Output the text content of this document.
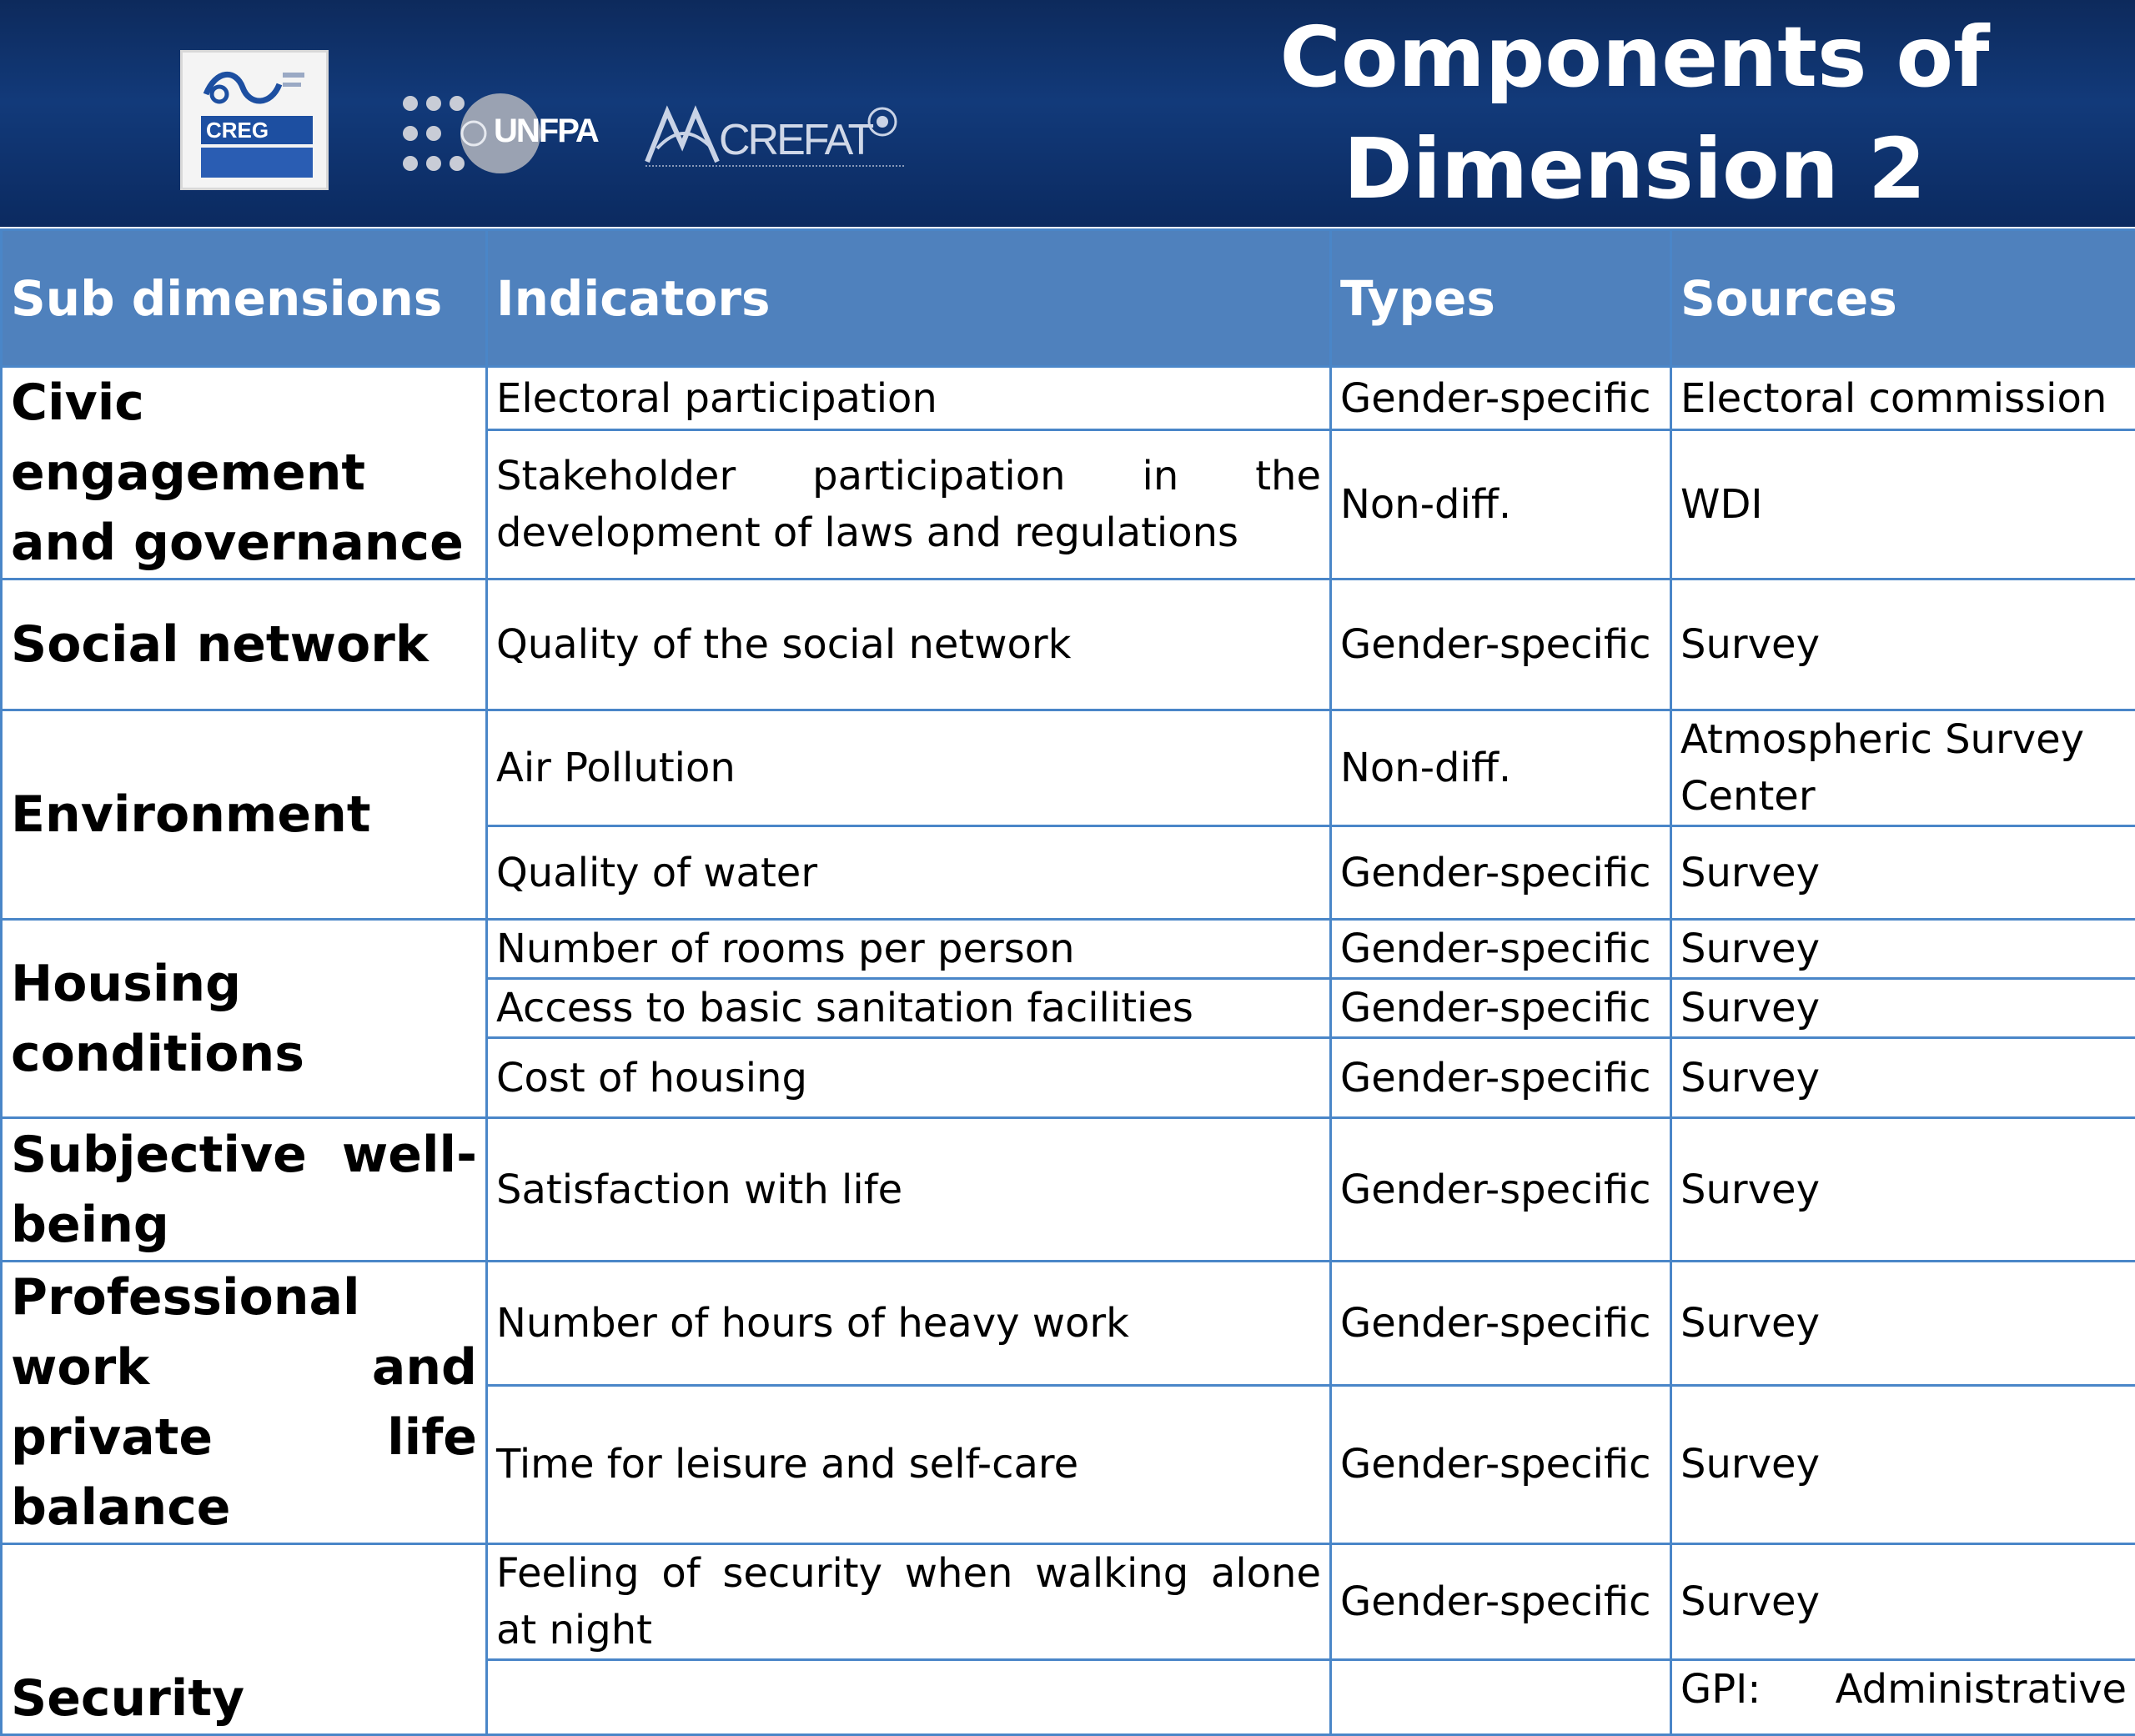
CREG	UNFPA	CREFAT
Components of
Dimension 2
Sub dimensions	Indicators	Types	Sources
Civic engagement and governance	Electoral participation	Gender-specific	Electoral commission
	Stakeholder participation in the development of laws and regulations	Non-diff.	WDI
Social network	Quality of the social network	Gender-specific	Survey
Environment	Air Pollution	Non-diff.	Atmospheric Survey Center
	Quality of water	Gender-specific	Survey
Housing conditions	Number of rooms per person	Gender-specific	Survey
	Access to basic sanitation facilities	Gender-specific	Survey
	Cost of housing	Gender-specific	Survey
Subjective well-being	Satisfaction with life	Gender-specific	Survey
Professional work and private life balance	Number of hours of heavy work	Gender-specific	Survey
	Time for leisure and self-care	Gender-specific	Survey
Security	Feeling of security when walking alone at night	Gender-specific	Survey
			GPI: Administrative
